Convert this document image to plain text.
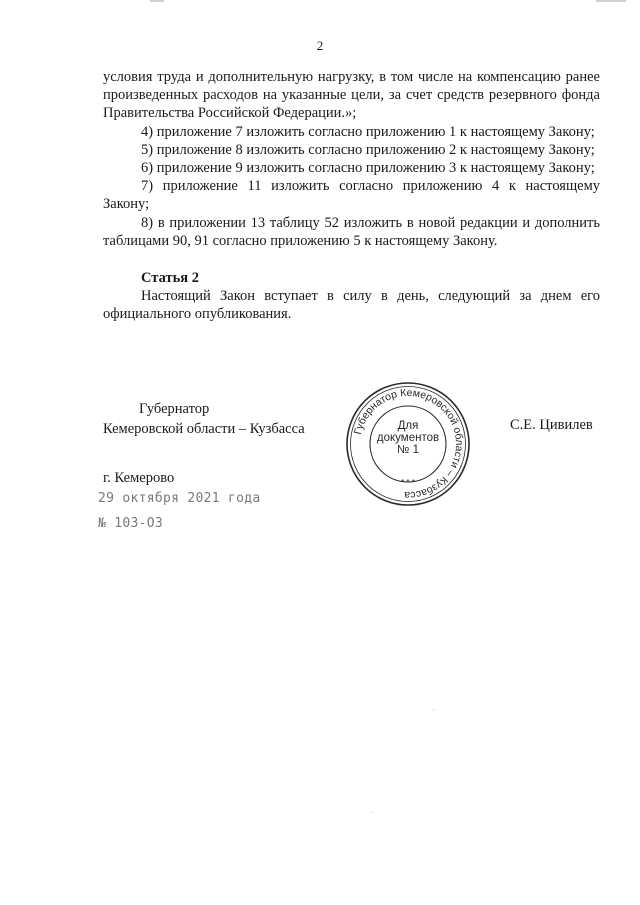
2

условия труда и дополнительную нагрузку, в том числе на компенсацию ранее произведенных расходов на указанные цели, за счет средств резервного фонда Правительства Российской Федерации.»;

4) приложение 7 изложить согласно приложению 1 к настоящему Закону;

5) приложение 8 изложить согласно приложению 2 к настоящему Закону;

6) приложение 9 изложить согласно приложению 3 к настоящему Закону;

7) приложение 11 изложить согласно приложению 4 к настоящему Закону;

8) в приложении 13 таблицу 52 изложить в новой редакции и дополнить таблицами 90, 91 согласно приложению 5 к настоящему Закону.

Статья 2

Настоящий Закон вступает в силу в день, следующий за днем его официального опубликования.

Губернатор
Кемеровской области – Кузбасса	Губернатор Кемеровской области – Кузбасса
Для
документов
№ 1
* * *
С.Е. Цивилев
г. Кемерово
29 октября 2021 года
№ 103-ОЗ
